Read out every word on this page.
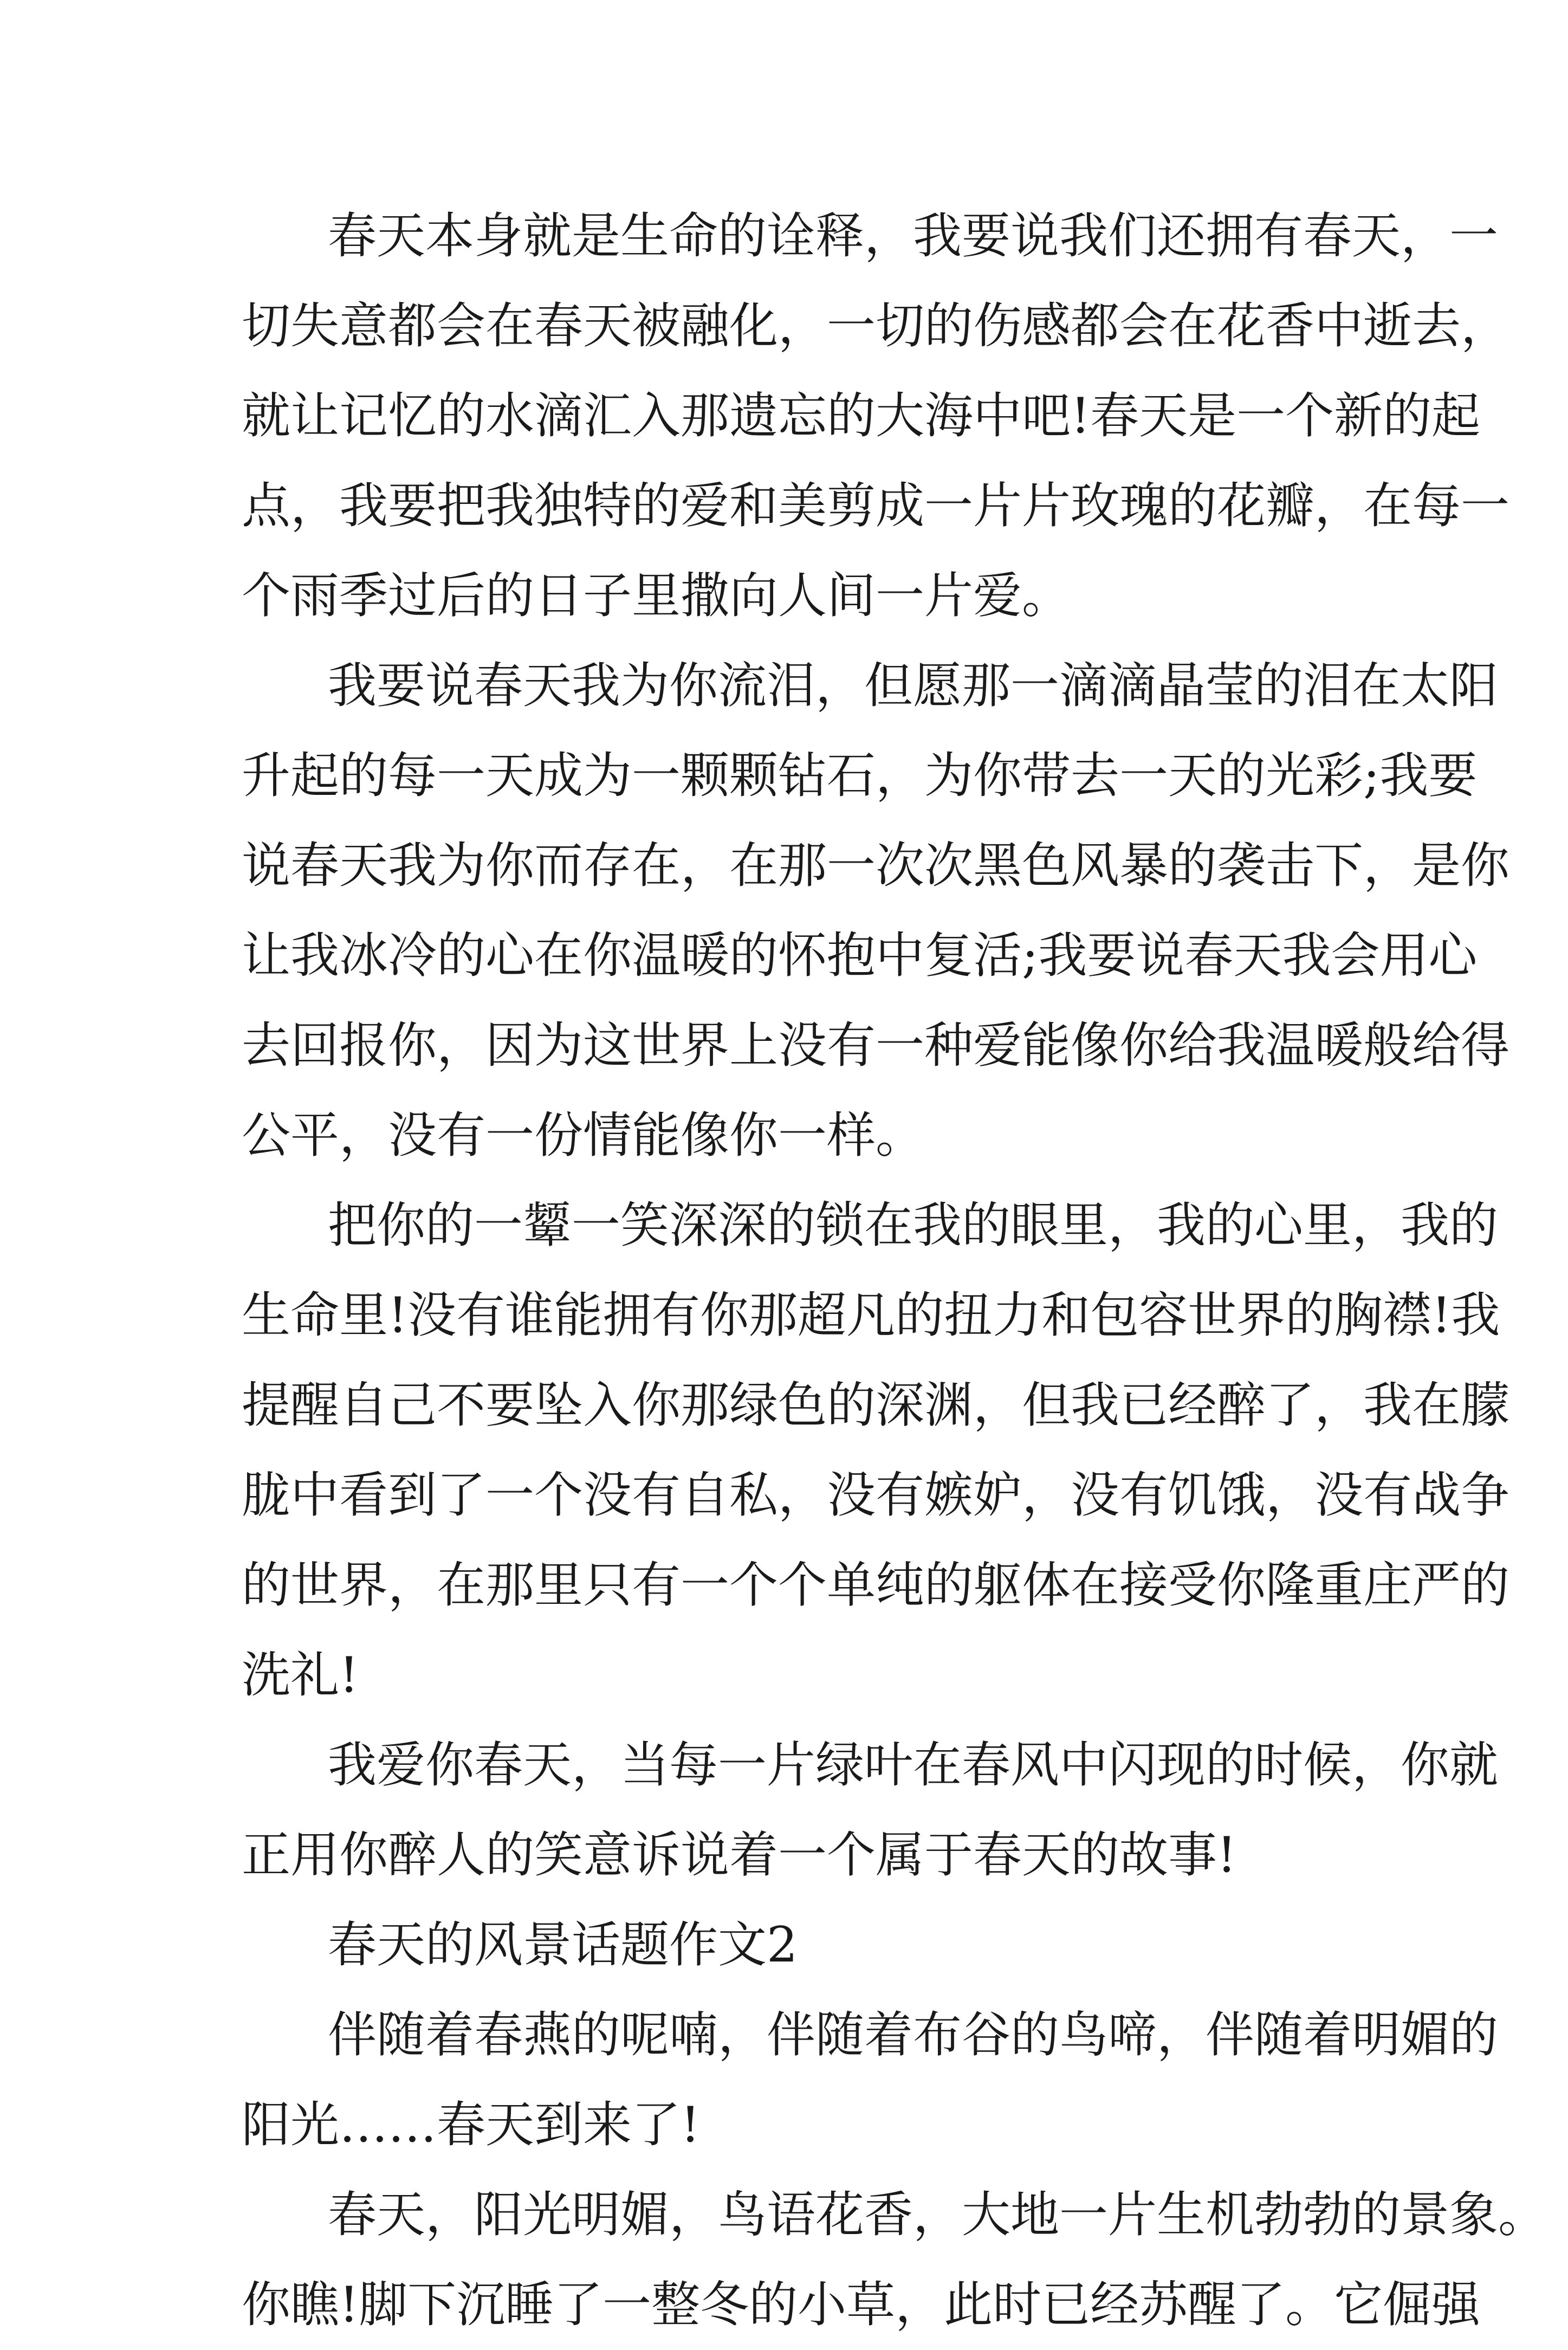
春天本身就是生命的诠释，我要说我们还拥有春天，一
切失意都会在春天被融化，一切的伤感都会在花香中逝去，
就让记忆的水滴汇入那遗忘的大海中吧!春天是一个新的起
点，我要把我独特的爱和美剪成一片片玫瑰的花瓣，在每一
个雨季过后的日子里撒向人间一片爱。
我要说春天我为你流泪，但愿那一滴滴晶莹的泪在太阳
升起的每一天成为一颗颗钻石，为你带去一天的光彩;我要
说春天我为你而存在，在那一次次黑色风暴的袭击下，是你
让我冰冷的心在你温暖的怀抱中复活;我要说春天我会用心
去回报你，因为这世界上没有一种爱能像你给我温暖般给得
公平，没有一份情能像你一样。
把你的一颦一笑深深的锁在我的眼里，我的心里，我的
生命里!没有谁能拥有你那超凡的扭力和包容世界的胸襟!我
提醒自己不要坠入你那绿色的深渊，但我已经醉了，我在朦
胧中看到了一个没有自私，没有嫉妒，没有饥饿，没有战争
的世界，在那里只有一个个单纯的躯体在接受你隆重庄严的
洗礼!
我爱你春天，当每一片绿叶在春风中闪现的时候，你就
正用你醉人的笑意诉说着一个属于春天的故事!
春天的风景话题作文2
伴随着春燕的呢喃，伴随着布谷的鸟啼，伴随着明媚的
阳光……春天到来了!
春天，阳光明媚，鸟语花香，大地一片生机勃勃的景象。
你瞧!脚下沉睡了一整冬的小草，此时已经苏醒了。它倔强
